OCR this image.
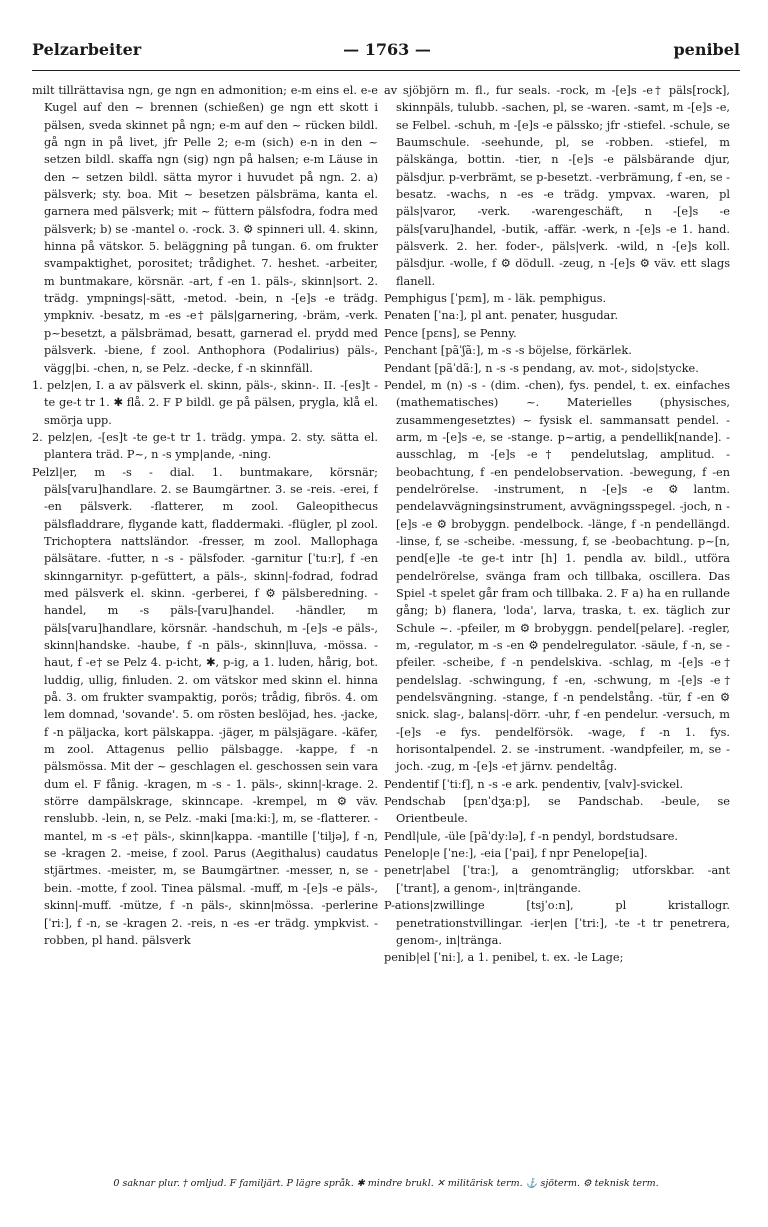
Pelzarbeiter	— 1763 —	penibel

milt tillrättavisa ngn, ge ngn en admonition; e-m eins el. e-e Kugel auf den ~ brennen (schießen) ge ngn ett skott i pälsen, sveda skinnet på ngn; e-m auf den ~ rücken bildl. gå ngn in på livet, jfr Pelle 2; e-m (sich) e-n in den ~ setzen bildl. skaffa ngn (sig) ngn på halsen; e-m Läuse in den ~ setzen bildl. sätta myror i huvudet på ngn. 2. a) pälsverk; sty. boa. Mit ~ besetzen pälsbräma, kanta el. garnera med pälsverk; mit ~ füttern pälsfodra, fodra med pälsverk; b) se -mantel o. -rock. 3. ⚙ spinneri ull. 4. skinn, hinna på vätskor. 5. beläggning på tungan. 6. om frukter svampaktighet, porositet; trådighet. 7. heshet. -arbeiter, m buntmakare, körsnär. -art, f -en 1. päls-, skinn|sort. 2. trädg. ympnings|-sätt, -metod. -bein, n -[e]s -e trädg. ympkniv. -besatz, m -es -e† päls|garnering, -bräm, -verk. p~besetzt, a pälsbrämad, besatt, garnerad el. prydd med pälsverk. -biene, f zool. Anthophora (Podalirius) päls-, vägg|bi. -chen, n, se Pelz. -decke, f -n skinnfäll.

1. pelz|en, I. a av pälsverk el. skinn, päls-, skinn-. II. -[es]t -te ge-t tr 1. ✱ flå. 2. F P bildl. ge på pälsen, prygla, klå el. smörja upp.

2. pelz|en, -[es]t -te ge-t tr 1. trädg. ympa. 2. sty. sätta el. plantera träd. P~, n -s ymp|ande, -ning.

Pelzl|er, m -s - dial. 1. buntmakare, körsnär; päls[varu]handlare. 2. se Baumgärtner. 3. se -reis. -erei, f -en pälsverk. -flatterer, m zool. Galeopithecus pälsfladdrare, flygande katt, fladdermaki. -flügler, pl zool. Trichoptera nattsländor. -fresser, m zool. Mallophaga pälsätare. -futter, n -s - pälsfoder. -garnitur [ˈtuːr], f -en skinngarnityr. p-gefüttert, a päls-, skinn|-fodrad, fodrad med pälsverk el. skinn. -gerberei, f ⚙ pälsberedning. -handel, m -s päls-[varu]handel. -händler, m päls[varu]handlare, körsnär. -handschuh, m -[e]s -e päls-, skinn|handske. -haube, f -n päls-, skinn|luva, -mössa. -haut, f -e† se Pelz 4. p-icht, ✱, p-ig, a 1. luden, hårig, bot. luddig, ullig, finluden. 2. om vätskor med skinn el. hinna på. 3. om frukter svampaktig, porös; trådig, fibrös. 4. om lem domnad, 'sovande'. 5. om rösten beslöjad, hes. -jacke, f -n päljacka, kort pälskappa. -jäger, m pälsjägare. -käfer, m zool. Attagenus pellio pälsbagge. -kappe, f -n pälsmössa. Mit der ~ geschlagen el. geschossen sein vara dum el. F fånig. -kragen, m -s - 1. päls-, skinn|-krage. 2. större dampälskrage, skinncape. -krempel, m ⚙ väv. renslubb. -lein, n, se Pelz. -maki [maːkiː], m, se -flatterer. -mantel, m -s -e† päls-, skinn|kappa. -mantille [ˈtiljə], f -n, se -kragen 2. -meise, f zool. Parus (Aegithalus) caudatus stjärtmes. -meister, m, se Baumgärtner. -messer, n, se -bein. -motte, f zool. Tinea pälsmal. -muff, m -[e]s -e päls-, skinn|-muff. -mütze, f -n päls-, skinn|mössa. -perlerine [ˈriː], f -n, se -kragen 2. -reis, n -es -er trädg. ympkvist. -robben, pl hand. pälsverk

av sjöbjörn m. fl., fur seals. -rock, m -[e]s -e† päls[rock], skinnpäls, tulubb. -sachen, pl, se -waren. -samt, m -[e]s -e, se Felbel. -schuh, m -[e]s -e pälssko; jfr -stiefel. -schule, se Baumschule. -seehunde, pl, se -robben. -stiefel, m pälskänga, bottin. -tier, n -[e]s -e pälsbärande djur, pälsdjur. p-verbrämt, se p-besetzt. -verbrämung, f -en, se -besatz. -wachs, n -es -e trädg. ympvax. -waren, pl päls|varor, -verk. -warengeschäft, n -[e]s -e päls[varu]handel, -butik, -affär. -werk, n -[e]s -e 1. hand. pälsverk. 2. her. foder-, päls|verk. -wild, n -[e]s koll. pälsdjur. -wolle, f ⚙ dödull. -zeug, n -[e]s ⚙ väv. ett slags flanell.

Pemphigus [ˈpɛm], m - läk. pemphigus.

Penaten [ˈnaː], pl ant. penater, husgudar.

Pence [pɛns], se Penny.

Penchant [pãˈʃãː], m -s -s böjelse, förkärlek.

Pendant [pãˈdãː], n -s -s pendang, av. mot-, sido|stycke.

Pendel, m (n) -s - (dim. -chen), fys. pendel, t. ex. einfaches (mathematisches) ~. Materielles (physisches, zusammengesetztes) ~ fysisk el. sammansatt pendel. -arm, m -[e]s -e, se -stange. p~artig, a pendellik[nande]. -ausschlag, m -[e]s -e† pendelutslag, amplitud. -beobachtung, f -en pendelobservation. -bewegung, f -en pendelrörelse. -instrument, n -[e]s -e ⚙ lantm. pendelavvägningsinstrument, avvägningsspegel. -joch, n -[e]s -e ⚙ brobyggn. pendelbock. -länge, f -n pendellängd. -linse, f, se -scheibe. -messung, f, se -beobachtung. p~[n, pend[e]le -te ge-t intr [h] 1. pendla av. bildl., utföra pendelrörelse, svänga fram och tillbaka, oscillera. Das Spiel -t spelet går fram och tillbaka. 2. F a) ha en rullande gång; b) flanera, 'loda', larva, traska, t. ex. täglich zur Schule ~. -pfeiler, m ⚙ brobyggn. pendel[pelare]. -regler, m, -regulator, m -s -en ⚙ pendelregulator. -säule, f -n, se -pfeiler. -scheibe, f -n pendelskiva. -schlag, m -[e]s -e† pendelslag. -schwingung, f -en, -schwung, m -[e]s -e† pendelsvängning. -stange, f -n pendelstång. -tür, f -en ⚙ snick. slag-, balans|-dörr. -uhr, f -en pendelur. -versuch, m -[e]s -e fys. pendelförsök. -wage, f -n 1. fys. horisontalpendel. 2. se -instrument. -wandpfeiler, m, se -joch. -zug, m -[e]s -e† järnv. pendeltåg.

Pendentif [ˈtiːf], n -s -e ark. pendentiv, [valv]-svickel.

Pendschab [pɛnˈdʒaːp], se Pandschab. -beule, se Orientbeule.

Pendl|ule, -üle [pãˈdyːlə], f -n pendyl, bordstudsare.

Penelop|e [ˈneː], -eia [ˈpai], f npr Penelope[ia].

penetr|abel [ˈtraː], a genomtränglig; utforskbar. -ant [ˈtrant], a genom-, in|trängande.

P-ations|zwillinge [tsjˈoːn], pl kristallogr. penetrationstvillingar. -ier|en [ˈtriː], -te -t tr penetrera, genom-, in|tränga.

penib|el [ˈniː], a 1. penibel, t. ex. -le Lage;

0 saknar plur. † omljud. F familjärt. P lägre språk. ✱ mindre brukl. ✕ militärisk term. ⚓ sjöterm. ⚙ teknisk term.
